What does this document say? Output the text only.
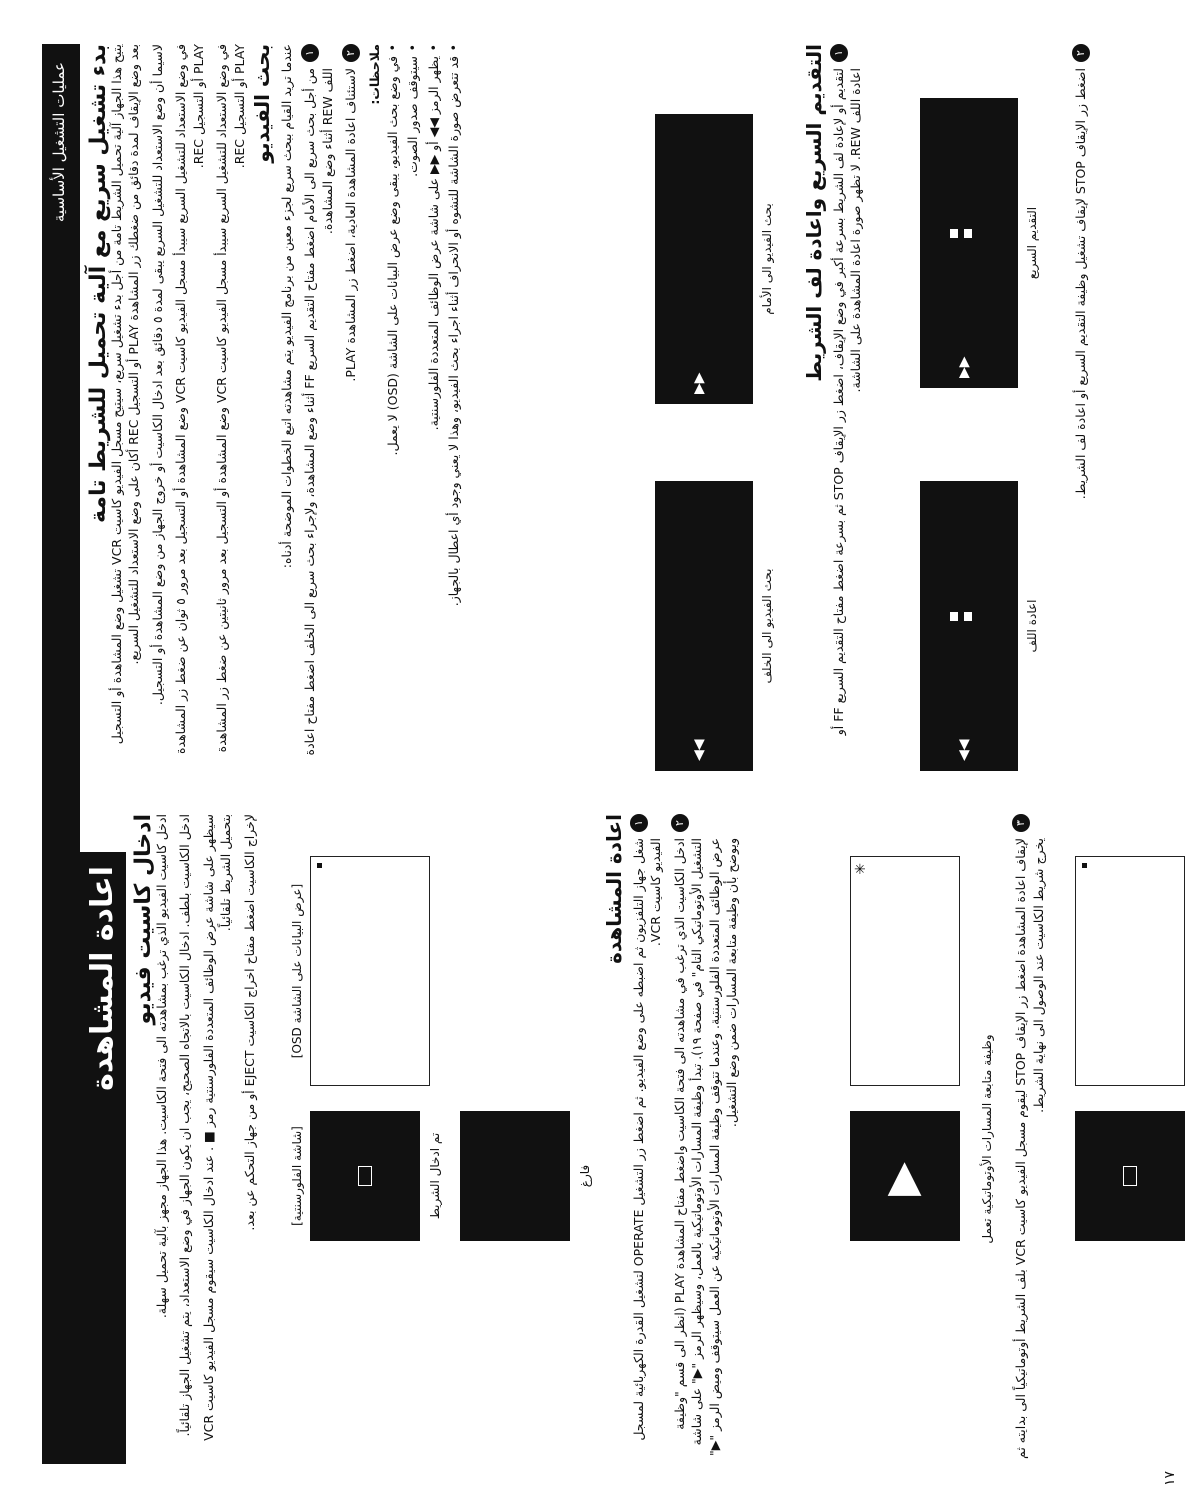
عمليات التشغيل الأساسية
اعادة المشاهدة
١٧
بدء تشغيل سريع مع آلية تحميل للشريط تامة

يتيح هذا الجهاز آلية تحميل الشريط تامة من أجل بدء تشغيل سريع، سيتيح مسجل الفيديو كاسيت VCR تشغيل وضع المشاهدة أو التسجيل بعد وضع الإيقاف لمدة دقائق من ضغطك زر المشاهدة PLAY أو التسجيل REC أكان على وضع الاستعداد للتشغيل السريع.

لاسيما أن وضع الاستعداد للتشغيل السريع يبقى لمدة ٥ دقائق بعد ادخال الكاسيت أو خروج الجهاز من وضع المشاهدة أو التسجيل.

في وضع الاستعداد للتشغيل السريع سيبدأ مسجل الفيديو كاسيت VCR وضع المشاهدة أو التسجيل بعد مرور ٥ ثوان عن ضغط زر المشاهدة PLAY أو التسجيل REC.

في وضع الاستعداد للتشغيل السريع سيبدأ مسجل الفيديو كاسيت VCR وضع المشاهدة أو التسجيل بعد مرور ثانيتين عن ضغط زر المشاهدة PLAY أو التسجيل REC. بحث الفيديو عندما تريد القيام ببحث سريع لجزء معين من برنامج الفيديو يتم مشاهدته اتبع الخطوات الموضحة أدناه: ١
من أجل بحث سريع الى الأمام اضغط مفتاح التقديم السريع FF أثناء وضع المشاهدة، ولإجراء بحث سريع الى الخلف اضغط مفتاح اعادة اللف REW أثناء وضع المشاهدة.
٢
لاستئناف اعادة المشاهدة العادية، اضغط زر المشاهدة PLAY. ملاحظات:
• في وضع بحث الفيديو، يبقى وضع عرض البيانات على الشاشة (OSD) لا يعمل. • سيتوقف صدور الصوت. • يظهر الرمز ◀◀ أو ▶▶ على شاشة عرض الوظائف المتعددة الفلورسنتية. • قد تتعرض صورة الشاشة للتشوه أو الانحراف أثناء اجراء بحث الفيديو، وهذا لا يعني وجود أي اعطال بالجهاز.	▶▶
بحث الفيديو الى الأمام
◀◀
بحث الفيديو الى الخلف
التقديم السريع واعادة لف الشريط ١
لتقديم أو لإعادة لف الشريط بسرعة أكبر في وضع الإيقاف، اضغط زر الإيقاف STOP ثم بسرعة اضغط مفتاح التقديم السريع FF أو اعادة اللف REW. لا تظهر صورة اعادة المشاهدة على الشاشة.
▶▶
التقديم السريع
◀◀
اعادة اللف
٢
اضغط زر الإيقاف STOP لإيقاف تشغيل وظيفة التقديم السريع أو اعادة لف الشريط.
ادخال كاسيت فيديو

ادخل كاسيت الفيديو الذي ترغب بمشاهدته الى فتحة الكاسيت. هذا الجهاز مجهز بآلية تحميل سهلة. ادخل الكاسيت بلطف. ادخال الكاسيت بالاتجاه الصحيح، يجب ان يكون الجهاز في وضع الاستعداد، يتم تشغيل الجهاز تلقائياً. سيظهر على شاشة عرض الوظائف المتعددة الفلورسنتية رمز ■ . عند ادخال الكاسيت سيقوم مسجل الفيديو كاسيت VCR بتحميل الشريط تلقائياً.

لإخراج الكاسيت اضغط مفتاح اخراج الكاسيت EJECT أو من جهاز التحكم عن بعد.

[عرض البيانات على الشاشة OSD]
[شاشة الفلورسنتية]	تم ادخال الشريط	فارغ
اعادة المشاهدة ١
شغل جهاز التلفزيون ثم اضبطه على وضع الفيديو. ثم اضغط زر التشغيل OPERATE لتشغيل القدرة الكهربائية لمسجل الفيديو كاسيت VCR.
٢
ادخل الكاسيت الذي ترغب في مشاهدته الى فتحة الكاسيت واضغط مفتاح المشاهدة PLAY (انظر الى قسم "وظيفة التشغيل الأوتوماتيكي التام" في صفحة ١٩). تبدأ وظيفة المسارات الأوتوماتيكية بالعمل، وسيظهر الرمز "▶" على شاشة عرض الوظائف المتعددة الفلورسنتية. وعندما تتوقف وظيفة المسارات الأوتوماتيكية عن العمل سيتوقف وميض الرمز "▶" ويوضح بأن وظيفة متابعة المسارات ضمن وضع التشغيل.	✳
▶	وظيفة متابعة المسارات الأوتوماتيكية تعمل
٣
لإيقاف اعادة المشاهدة اضغط زر الإيقاف STOP ليقوم مسجل الفيديو كاسيت VCR بلف الشريط أوتوماتيكياً الى بدايته ثم يخرج شريط الكاسيت عند الوصول الى نهاية الشريط.
